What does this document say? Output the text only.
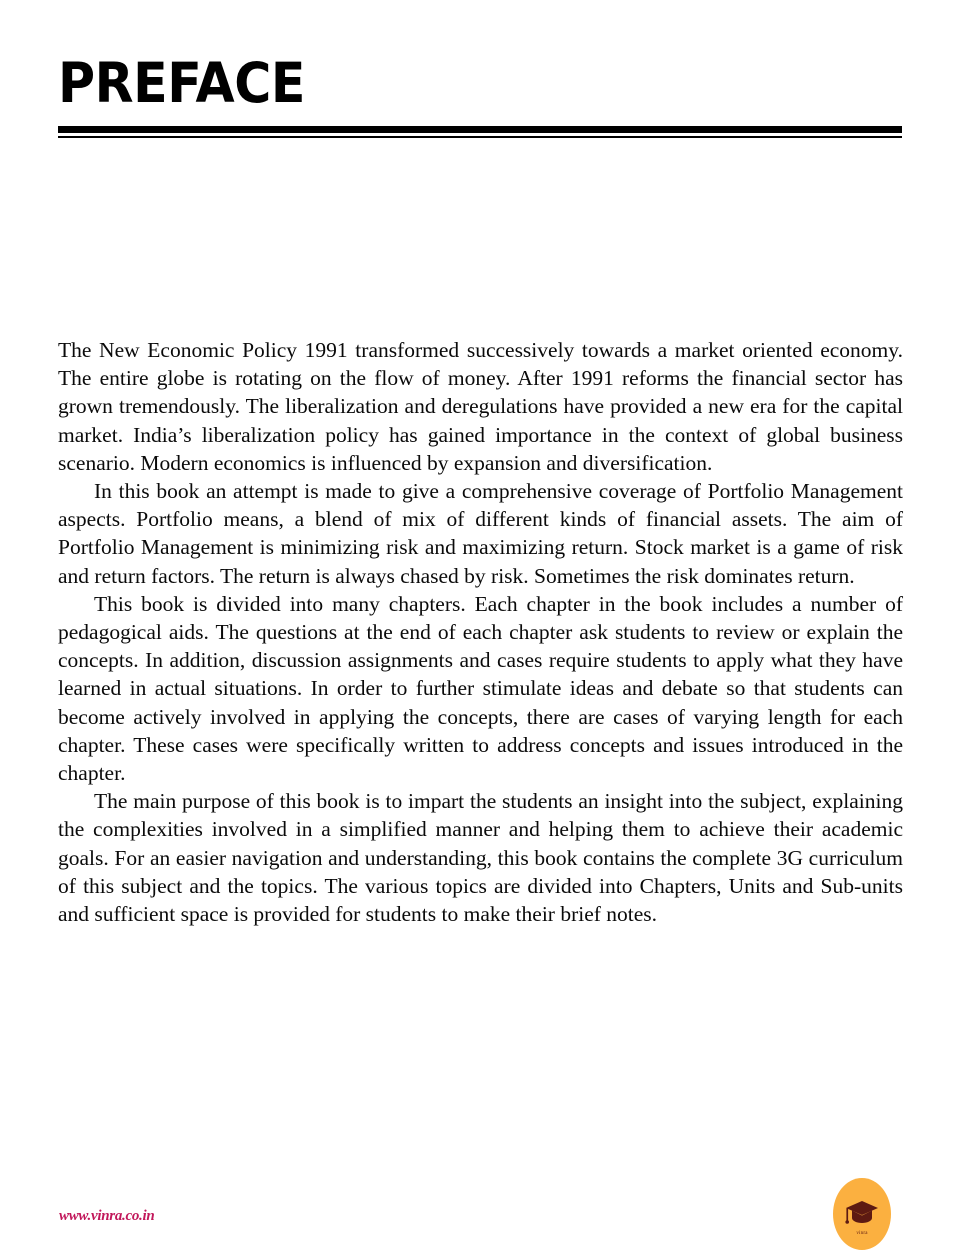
PREFACE

The New Economic Policy 1991 transformed successively towards a market oriented economy. The entire globe is rotating on the flow of money. After 1991 reforms the financial sector has grown tremendously. The liberalization and deregulations have provided a new era for the capital market. India’s liberalization policy has gained importance in the context of global business scenario. Modern economics is influenced by expansion and diversification.

In this book an attempt is made to give a comprehensive coverage of Portfolio Management aspects. Portfolio means, a blend of mix of different kinds of financial assets. The aim of Portfolio Management is minimizing risk and maximizing return. Stock market is a game of risk and return factors. The return is always chased by risk. Sometimes the risk dominates return.

This book is divided into many chapters. Each chapter in the book includes a number of pedagogical aids. The questions at the end of each chapter ask students to review or explain the concepts. In addition, discussion assignments and cases require students to apply what they have learned in actual situations. In order to further stimulate ideas and debate so that students can become actively involved in applying the concepts, there are cases of varying length for each chapter. These cases were specifically written to address concepts and issues introduced in the chapter.

The main purpose of this book is to impart the students an insight into the subject, explaining the complexities involved in a simplified manner and helping them to achieve their academic goals. For an easier navigation and understanding, this book contains the complete 3G curriculum of this subject and the topics. The various topics are divided into Chapters, Units and Sub-units and sufficient space is provided for students to make their brief notes.

www.vinra.co.in
vinra
